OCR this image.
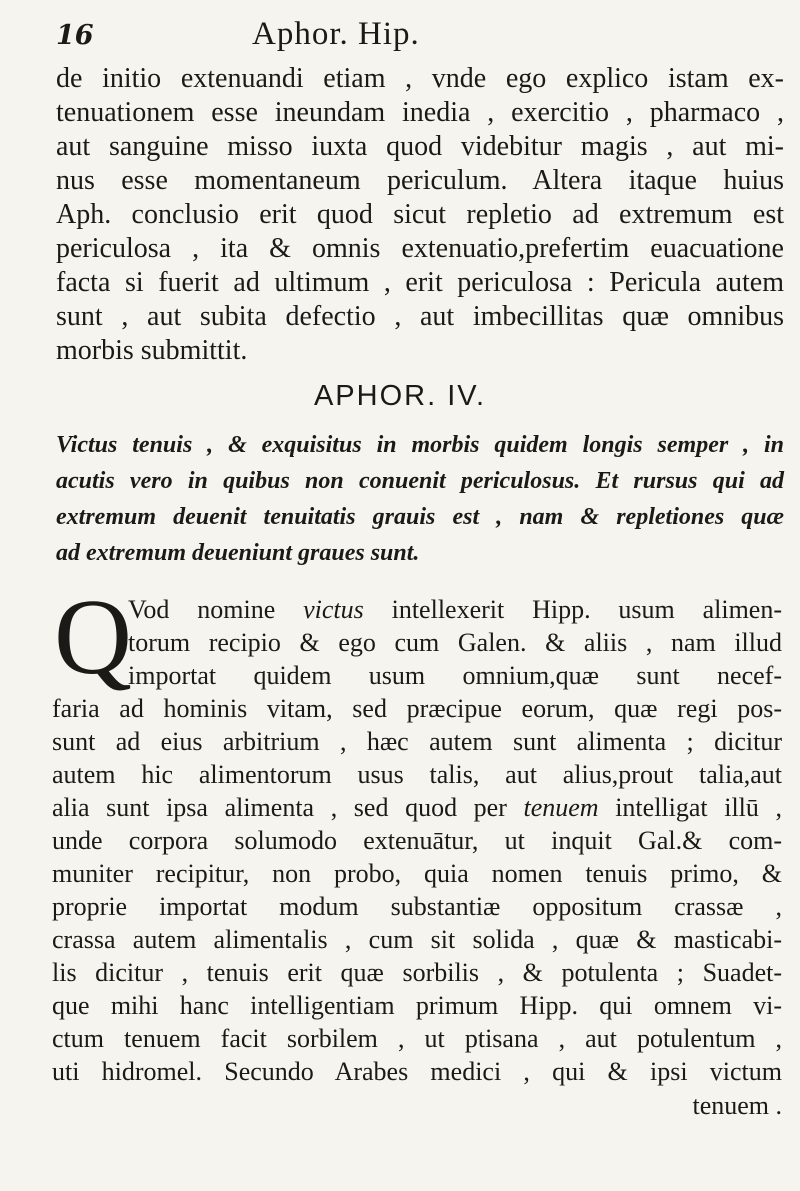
16	Aphor. Hip.
de initio extenuandi etiam , vnde ego explico istam ex-
tenuationem esse ineundam inedia , exercitio , pharmaco ,
aut sanguine misso iuxta quod videbitur magis , aut mi-
nus esse momentaneum periculum. Altera itaque huius
Aph. conclusio erit quod sicut repletio ad extremum est
periculosa , ita & omnis extenuatio,prefertim euacuatione
facta si fuerit ad ultimum , erit periculosa : Pericula autem
sunt , aut subita defectio , aut imbecillitas quæ omnibus
morbis submittit.
APHOR. IV.
Victus tenuis , & exquisitus in morbis quidem longis semper , in
acutis vero in quibus non conuenit periculosus. Et rursus qui ad
extremum deuenit tenuitatis grauis est , nam & repletiones quæ
ad extremum deueniunt graues sunt.
Q
Vod nomine victus intellexerit Hipp. usum alimen-
torum recipio & ego cum Galen. & aliis , nam illud
importat quidem usum omnium,quæ sunt necef-
faria ad hominis vitam, sed præcipue eorum, quæ regi pos-
sunt ad eius arbitrium , hæc autem sunt alimenta ; dicitur
autem hic alimentorum usus talis, aut alius,prout talia,aut
alia sunt ipsa alimenta , sed quod per tenuem intelligat illū ,
unde corpora solumodo extenuātur, ut inquit Gal.& com-
muniter recipitur, non probo, quia nomen tenuis primo, &
proprie importat modum substantiæ oppositum crassæ ,
crassa autem alimentalis , cum sit solida , quæ & masticabi-
lis dicitur , tenuis erit quæ sorbilis , & potulenta ; Suadet-
que mihi hanc intelligentiam primum Hipp. qui omnem vi-
ctum tenuem facit sorbilem , ut ptisana , aut potulentum ,
uti hidromel. Secundo Arabes medici , qui & ipsi victum
tenuem .
